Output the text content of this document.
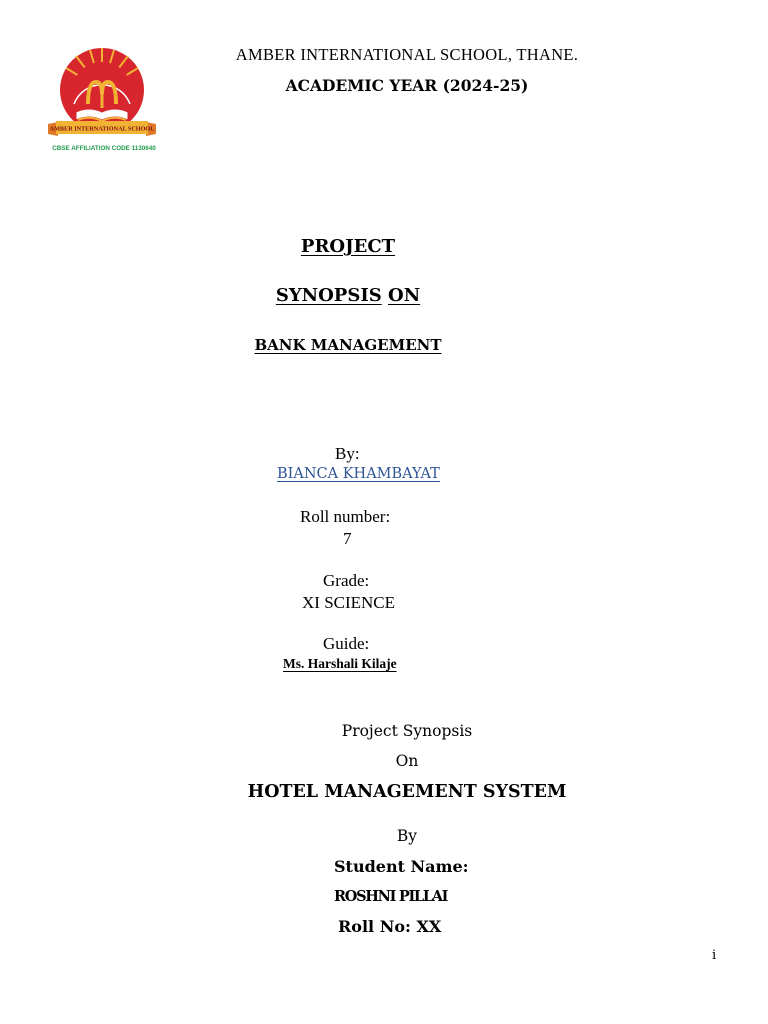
AMBER INTERNATIONAL SCHOOL
CBSE AFFILIATION CODE 1130640
AMBER INTERNATIONAL SCHOOL, THANE.
ACADEMIC YEAR (2024-25)
PROJECT
SYNOPSIS ON
BANK MANAGEMENT
By:
BIANCA KHAMBAYAT
Roll number:
7
Grade:
XI SCIENCE
Guide:
Ms. Harshali Kilaje
Project Synopsis
On
HOTEL MANAGEMENT SYSTEM
By
Student Name:
ROSHNI PILLAI
Roll No: XX
i
